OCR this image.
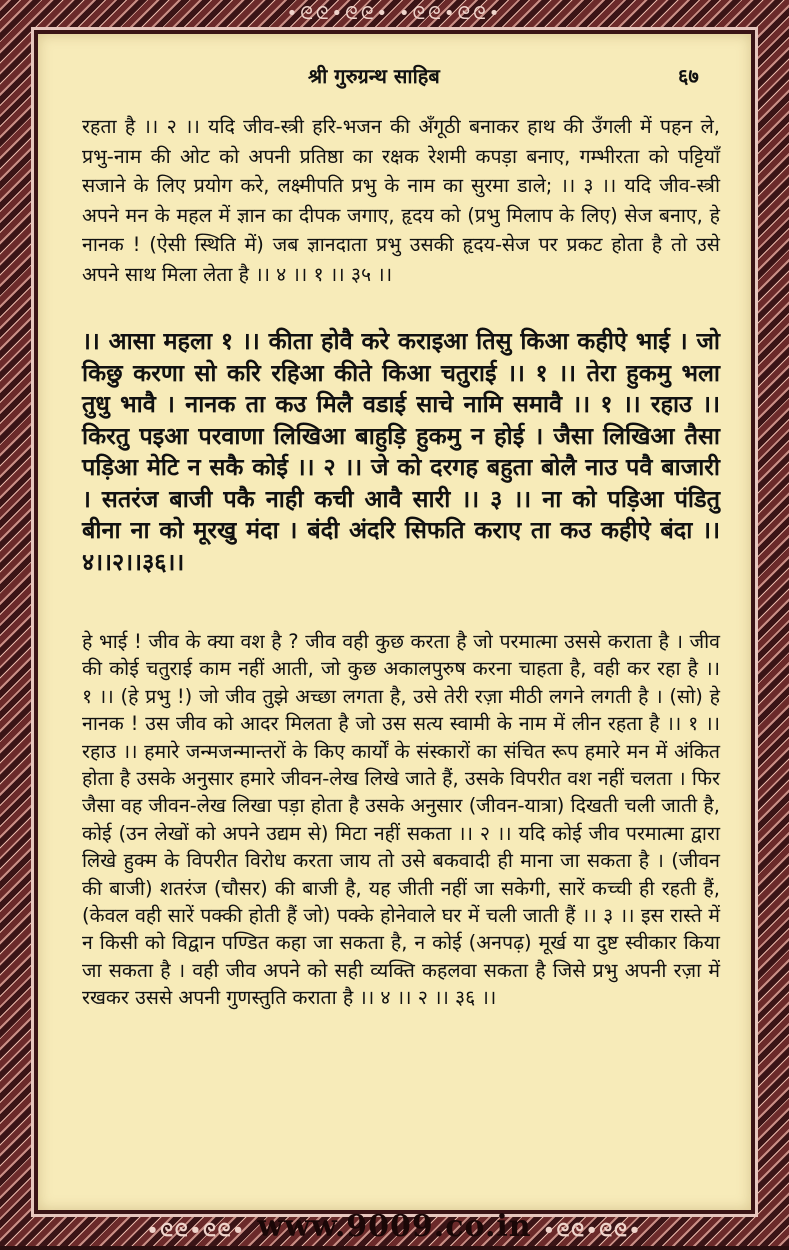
•ᘓᘓ•ᘓᘓ• •ᘓᘓ•ᘓᘓ•
श्री गुरुग्रन्थ साहिब	६७
रहता है ।। २ ।। यदि जीव-स्त्री हरि-भजन की अँगूठी बनाकर हाथ की उँगली में पहन ले, प्रभु-नाम की ओट को अपनी प्रतिष्ठा का रक्षक रेशमी कपड़ा बनाए, गम्भीरता को पट्टियाँ सजाने के लिए प्रयोग करे, लक्ष्मीपति प्रभु के नाम का सुरमा डाले; ।। ३ ।। यदि जीव-स्त्री अपने मन के महल में ज्ञान का दीपक जगाए, हृदय को (प्रभु मिलाप के लिए) सेज बनाए, हे नानक ! (ऐसी स्थिति में) जब ज्ञानदाता प्रभु उसकी हृदय-सेज पर प्रकट होता है तो उसे अपने साथ मिला लेता है ।। ४ ।। १ ।। ३५ ।।
।। आसा महला १ ।। कीता होवै करे कराइआ तिसु किआ कहीऐ भाई । जो किछु करणा सो करि रहिआ कीते किआ चतुराई ।। १ ।। तेरा हुकमु भला तुधु भावै । नानक ता कउ मिलै वडाई साचे नामि समावै ।। १ ।। रहाउ ।। किरतु पइआ परवाणा लिखिआ बाहुड़ि हुकमु न होई । जैसा लिखिआ तैसा पड़िआ मेटि न सकै कोई ।। २ ।। जे को दरगह बहुता बोलै नाउ पवै बाजारी । सतरंज बाजी पकै नाही कची आवै सारी ।। ३ ।। ना को पड़िआ पंडितु बीना ना को मूरखु मंदा । बंदी अंदरि सिफति कराए ता कउ कहीऐ बंदा ।।४।।२।।३६।।
हे भाई ! जीव के क्या वश है ? जीव वही कुछ करता है जो परमात्मा उससे कराता है । जीव की कोई चतुराई काम नहीं आती, जो कुछ अकालपुरुष करना चाहता है, वही कर रहा है ।। १ ।। (हे प्रभु !) जो जीव तुझे अच्छा लगता है, उसे तेरी रज़ा मीठी लगने लगती है । (सो) हे नानक ! उस जीव को आदर मिलता है जो उस सत्य स्वामी के नाम में लीन रहता है ।। १ ।। रहाउ ।। हमारे जन्मजन्मान्तरों के किए कार्यों के संस्कारों का संचित रूप हमारे मन में अंकित होता है उसके अनुसार हमारे जीवन-लेख लिखे जाते हैं, उसके विपरीत वश नहीं चलता । फिर जैसा वह जीवन-लेख लिखा पड़ा होता है उसके अनुसार (जीवन-यात्रा) दिखती चली जाती है, कोई (उन लेखों को अपने उद्यम से) मिटा नहीं सकता ।। २ ।। यदि कोई जीव परमात्मा द्वारा लिखे हुक्म के विपरीत विरोध करता जाय तो उसे बकवादी ही माना जा सकता है । (जीवन की बाजी) शतरंज (चौसर) की बाजी है, यह जीती नहीं जा सकेगी, सारें कच्ची ही रहती हैं, (केवल वही सारें पक्की होती हैं जो) पक्के होनेवाले घर में चली जाती हैं ।। ३ ।। इस रास्ते में न किसी को विद्वान पण्डित कहा जा सकता है, न कोई (अनपढ़) मूर्ख या दुष्ट स्वीकार किया जा सकता है । वही जीव अपने को सही व्यक्ति कहलवा सकता है जिसे प्रभु अपनी रज़ा में रखकर उससे अपनी गुणस्तुति कराता है ।। ४ ।। २ ।। ३६ ।।
•ᘓᘓ•ᘓᘓ• www.9009.co.in •ᘓᘓ•ᘓᘓ•
